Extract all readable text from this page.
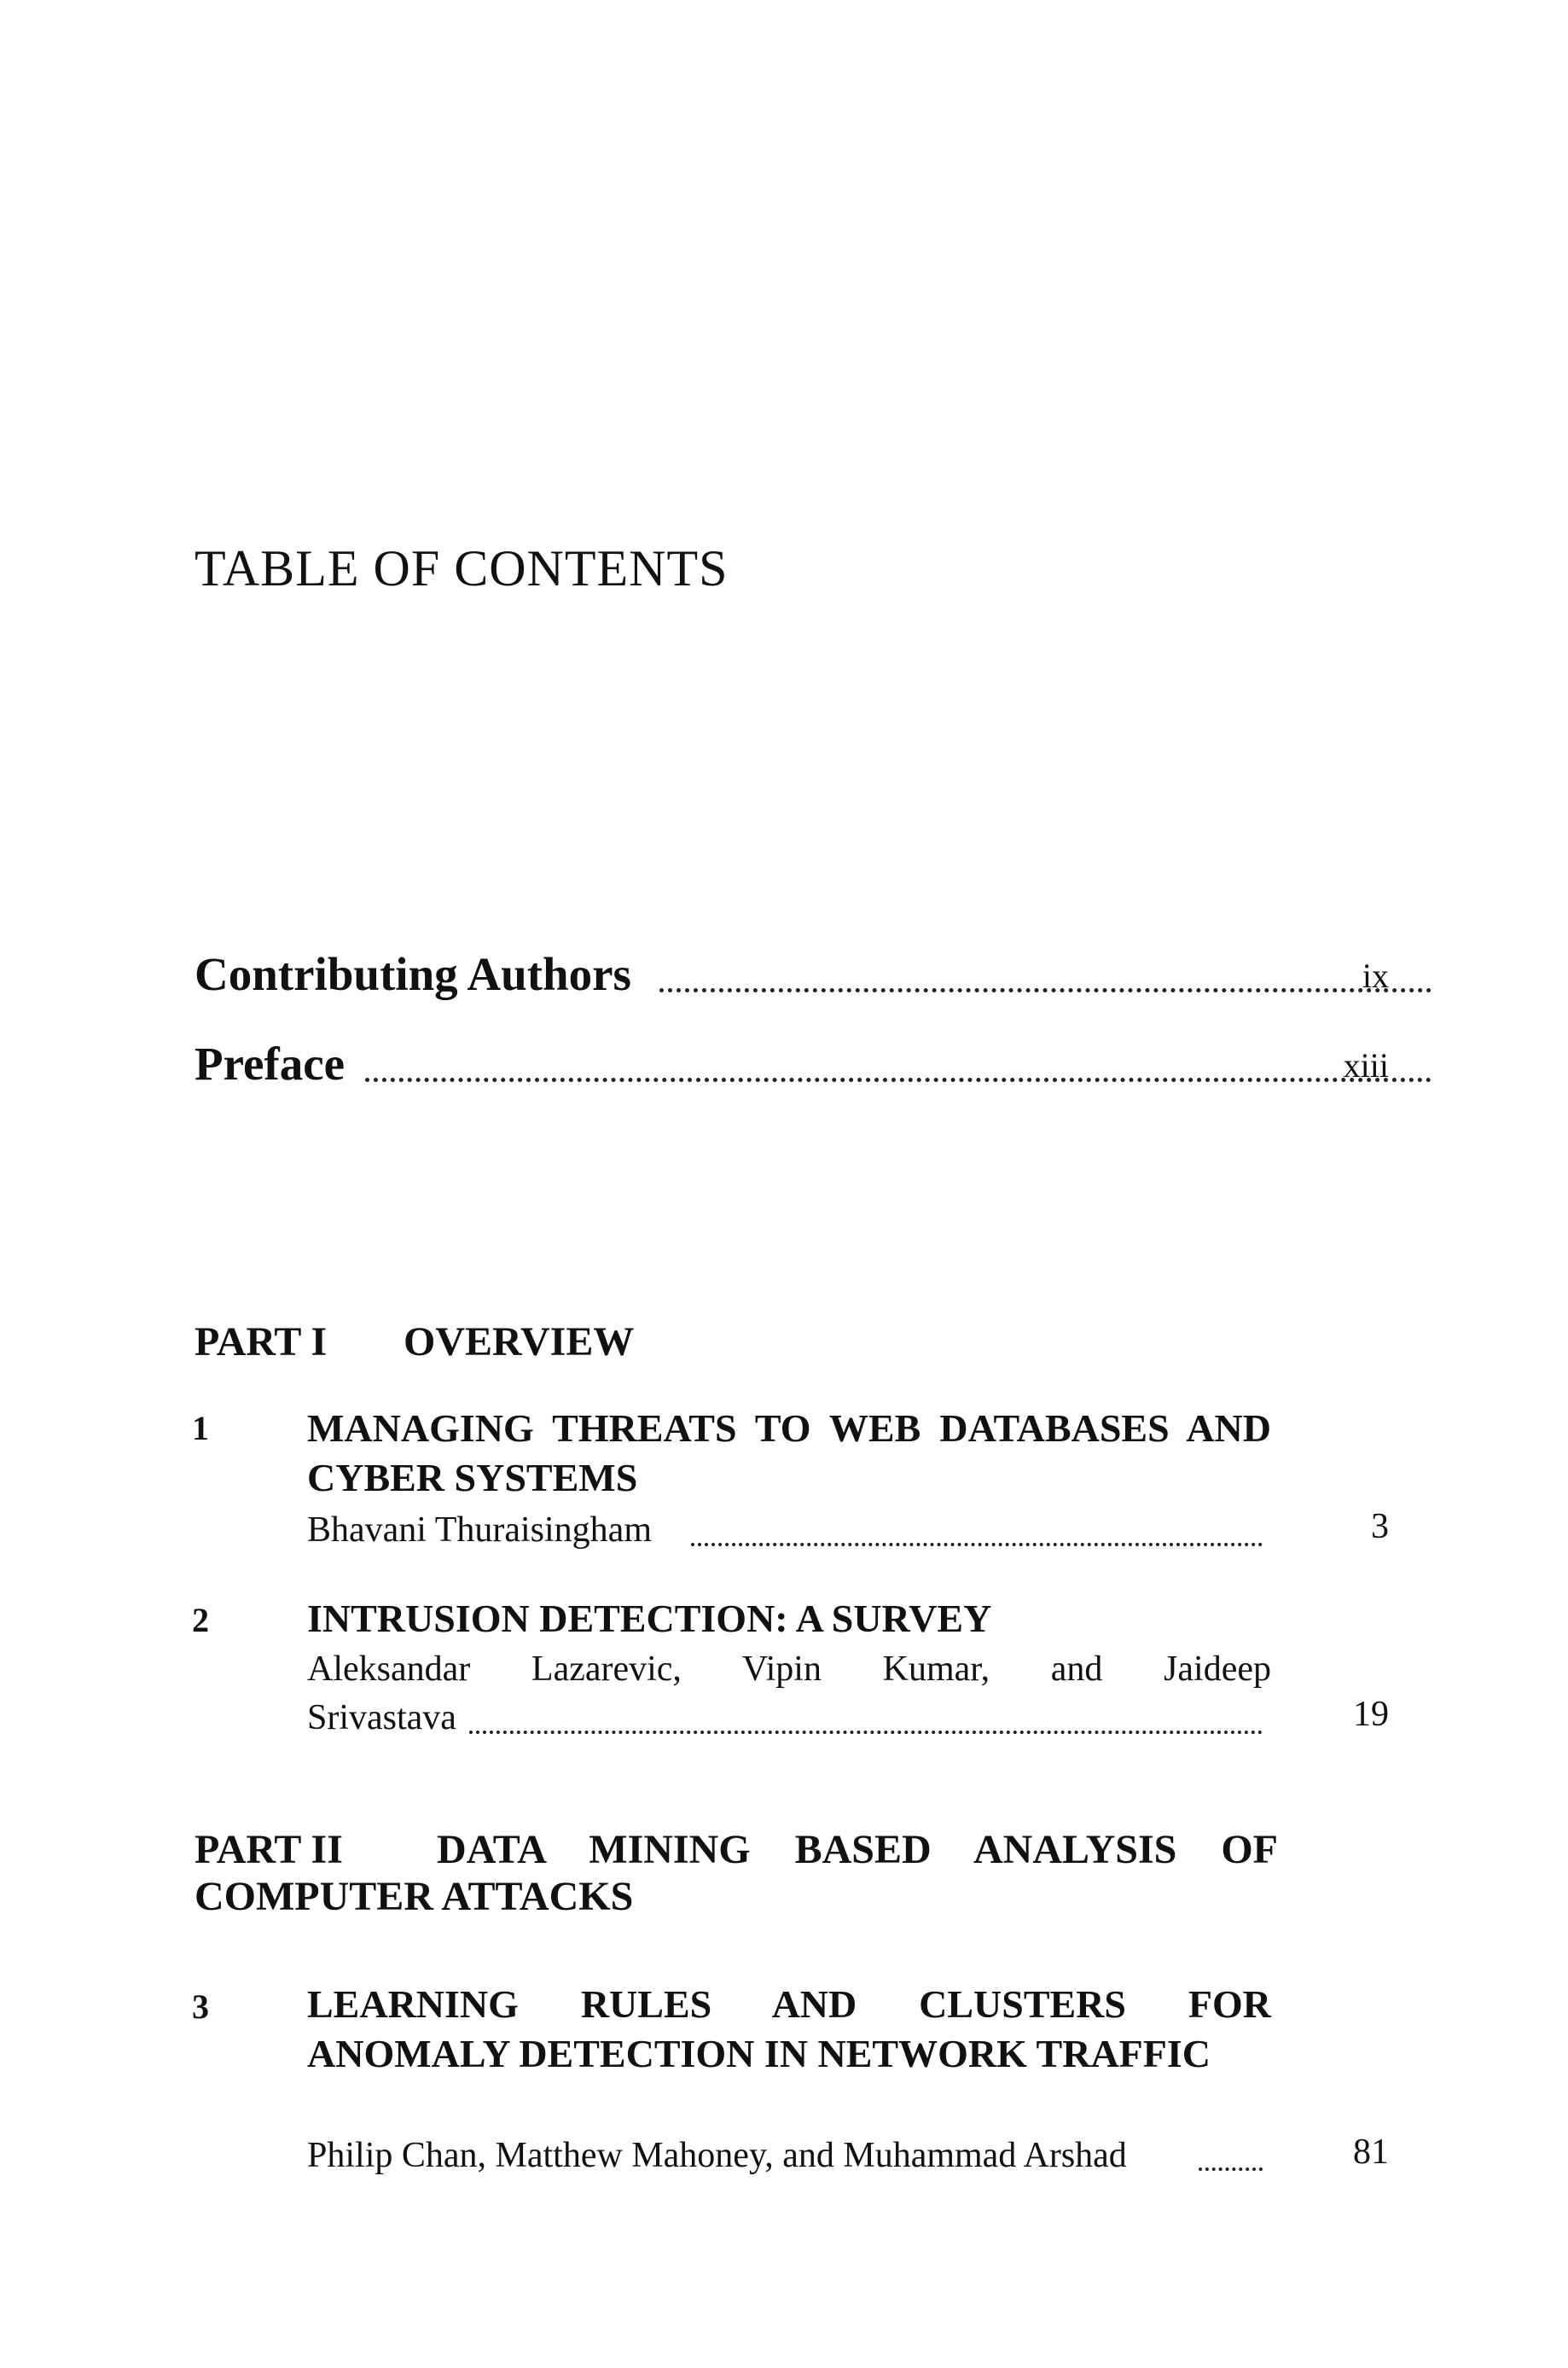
TABLE OF CONTENTS
Contributing Authors	ix
Preface	xiii
PART I OVERVIEW
1	MANAGING THREATS TO WEB DATABASES AND CYBER SYSTEMS
Bhavani Thuraisingham	3
2	INTRUSION DETECTION: A SURVEY
Aleksandar Lazarevic, Vipin Kumar, and Jaideep
Srivastava	19
PART II DATA MINING BASED ANALYSIS OF
COMPUTER ATTACKS
3	LEARNING RULES AND CLUSTERS FOR ANOMALY DETECTION IN NETWORK TRAFFIC
Philip Chan, Matthew Mahoney, and Muhammad Arshad	81
